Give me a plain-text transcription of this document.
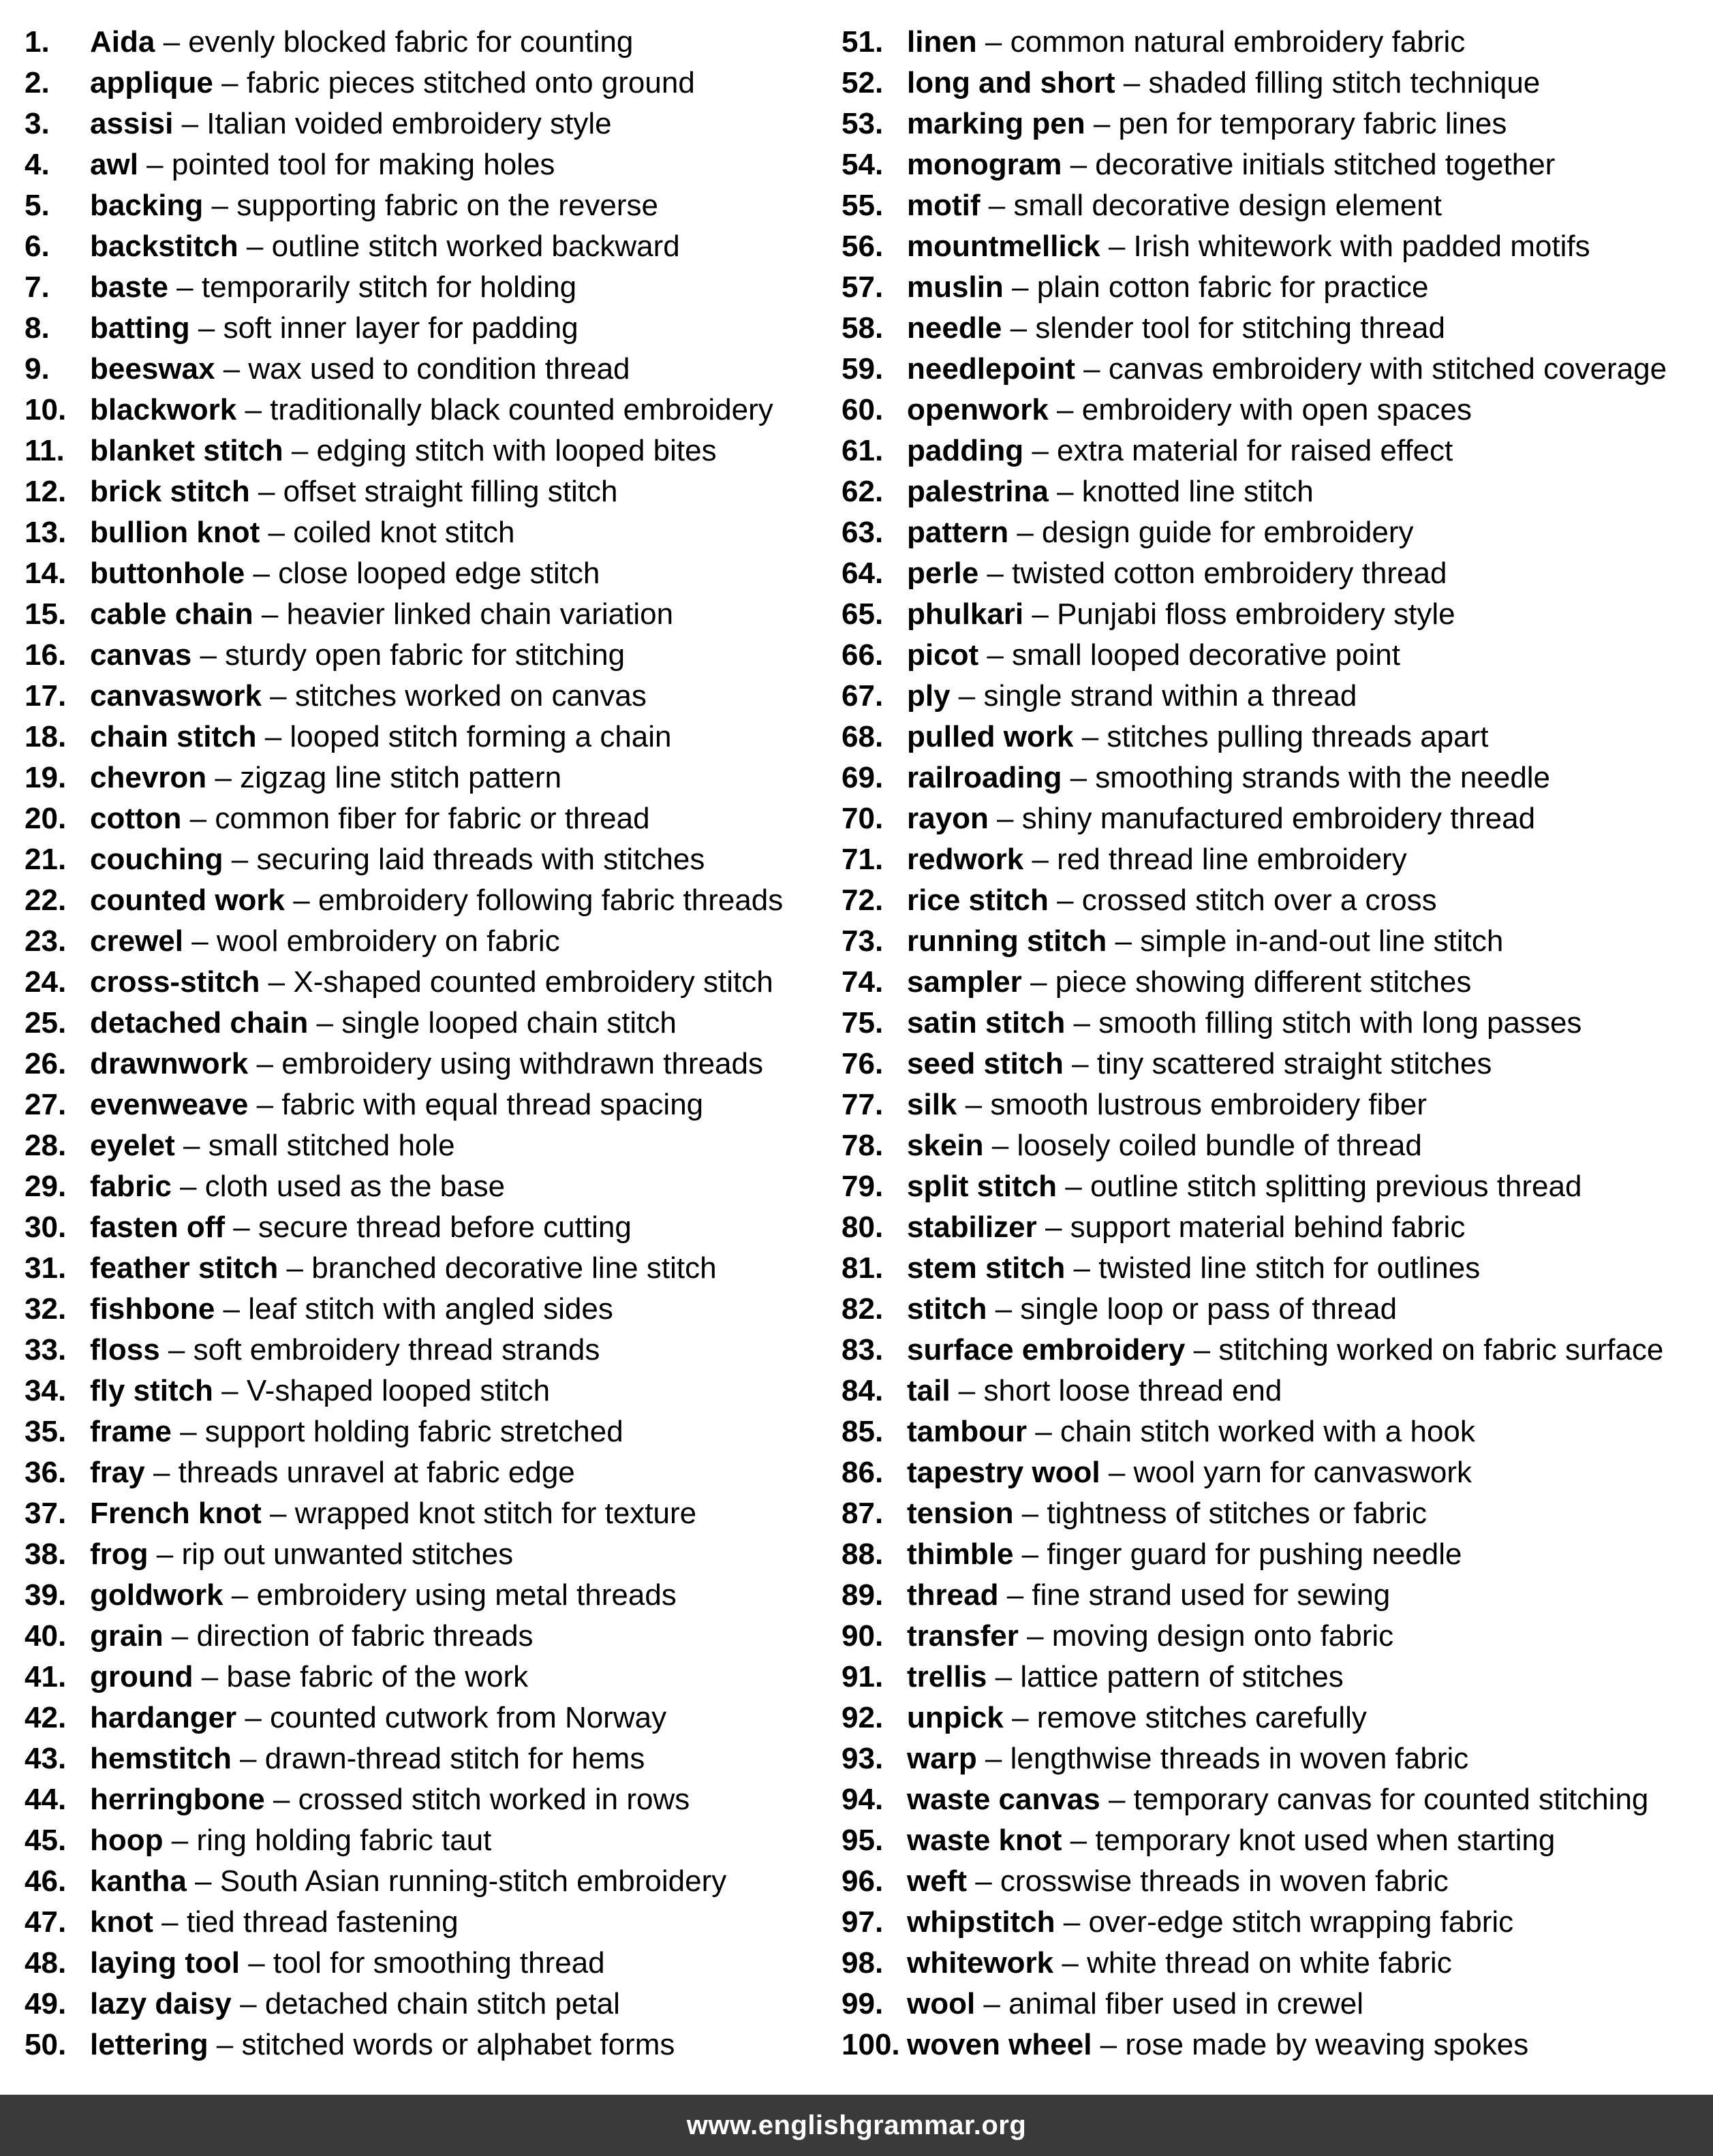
1.	Aida – evenly blocked fabric for counting
2.	applique – fabric pieces stitched onto ground
3.	assisi – Italian voided embroidery style
4.	awl – pointed tool for making holes
5.	backing – supporting fabric on the reverse
6.	backstitch – outline stitch worked backward
7.	baste – temporarily stitch for holding
8.	batting – soft inner layer for padding
9.	beeswax – wax used to condition thread
10. blackwork – traditionally black counted embroidery
11. blanket stitch – edging stitch with looped bites
12. brick stitch – offset straight filling stitch
13. bullion knot – coiled knot stitch
14. buttonhole – close looped edge stitch
15. cable chain – heavier linked chain variation
16. canvas – sturdy open fabric for stitching
17. canvaswork – stitches worked on canvas
18. chain stitch – looped stitch forming a chain
19. chevron – zigzag line stitch pattern
20. cotton – common fiber for fabric or thread
21. couching – securing laid threads with stitches
22. counted work – embroidery following fabric threads
23. crewel – wool embroidery on fabric
24. cross-stitch – X-shaped counted embroidery stitch
25. detached chain – single looped chain stitch
26. drawnwork – embroidery using withdrawn threads
27. evenweave – fabric with equal thread spacing
28. eyelet – small stitched hole
29. fabric – cloth used as the base
30. fasten off – secure thread before cutting
31. feather stitch – branched decorative line stitch
32. fishbone – leaf stitch with angled sides
33. floss – soft embroidery thread strands
34. fly stitch – V-shaped looped stitch
35. frame – support holding fabric stretched
36. fray – threads unravel at fabric edge
37. French knot – wrapped knot stitch for texture
38. frog – rip out unwanted stitches
39. goldwork – embroidery using metal threads
40. grain – direction of fabric threads
41. ground – base fabric of the work
42. hardanger – counted cutwork from Norway
43. hemstitch – drawn-thread stitch for hems
44. herringbone – crossed stitch worked in rows
45. hoop – ring holding fabric taut
46. kantha – South Asian running-stitch embroidery
47. knot – tied thread fastening
48. laying tool – tool for smoothing thread
49. lazy daisy – detached chain stitch petal
50. lettering – stitched words or alphabet forms
51. linen – common natural embroidery fabric
52. long and short – shaded filling stitch technique
53. marking pen – pen for temporary fabric lines
54. monogram – decorative initials stitched together
55. motif – small decorative design element
56. mountmellick – Irish whitework with padded motifs
57. muslin – plain cotton fabric for practice
58. needle – slender tool for stitching thread
59. needlepoint – canvas embroidery with stitched coverage
60. openwork – embroidery with open spaces
61. padding – extra material for raised effect
62. palestrina – knotted line stitch
63. pattern – design guide for embroidery
64. perle – twisted cotton embroidery thread
65. phulkari – Punjabi floss embroidery style
66. picot – small looped decorative point
67. ply – single strand within a thread
68. pulled work – stitches pulling threads apart
69. railroading – smoothing strands with the needle
70. rayon – shiny manufactured embroidery thread
71. redwork – red thread line embroidery
72. rice stitch – crossed stitch over a cross
73. running stitch – simple in-and-out line stitch
74. sampler – piece showing different stitches
75. satin stitch – smooth filling stitch with long passes
76. seed stitch – tiny scattered straight stitches
77. silk – smooth lustrous embroidery fiber
78. skein – loosely coiled bundle of thread
79. split stitch – outline stitch splitting previous thread
80. stabilizer – support material behind fabric
81. stem stitch – twisted line stitch for outlines
82. stitch – single loop or pass of thread
83. surface embroidery – stitching worked on fabric surface
84. tail – short loose thread end
85. tambour – chain stitch worked with a hook
86. tapestry wool – wool yarn for canvaswork
87. tension – tightness of stitches or fabric
88. thimble – finger guard for pushing needle
89. thread – fine strand used for sewing
90. transfer – moving design onto fabric
91. trellis – lattice pattern of stitches
92. unpick – remove stitches carefully
93. warp – lengthwise threads in woven fabric
94. waste canvas – temporary canvas for counted stitching
95. waste knot – temporary knot used when starting
96. weft – crosswise threads in woven fabric
97. whipstitch – over-edge stitch wrapping fabric
98. whitework – white thread on white fabric
99. wool – animal fiber used in crewel
100. woven wheel – rose made by weaving spokes
www.englishgrammar.org
